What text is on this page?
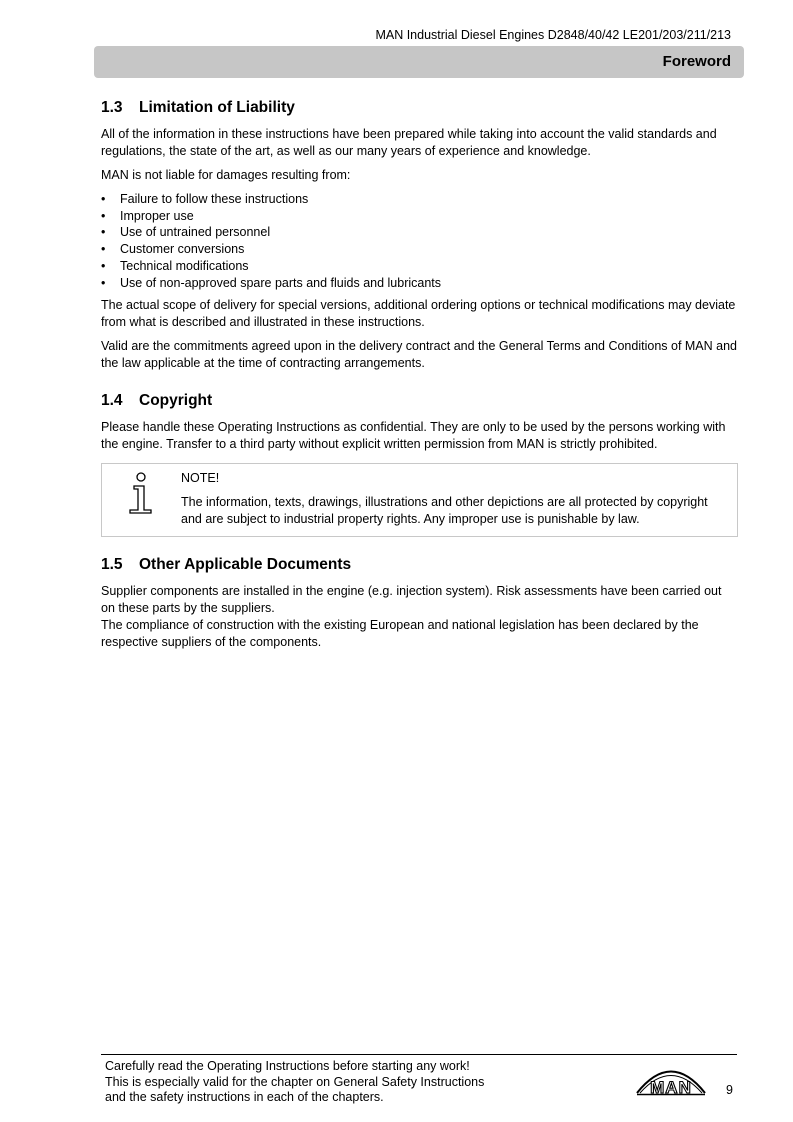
MAN Industrial Diesel Engines D2848/40/42 LE201/203/211/213
Foreword
1.3 Limitation of Liability

All of the information in these instructions have been prepared while taking into account the valid standards and regulations, the state of the art, as well as our many years of experience and knowledge.

MAN is not liable for damages resulting from:

• Failure to follow these instructions
• Improper use
• Use of untrained personnel
• Customer conversions
• Technical modifications
• Use of non-approved spare parts and fluids and lubricants

The actual scope of delivery for special versions, additional ordering options or technical modifications may deviate from what is described and illustrated in these instructions.

Valid are the commitments agreed upon in the delivery contract and the General Terms and Conditions of MAN and the law applicable at the time of contracting arrangements.

1.4 Copyright

Please handle these Operating Instructions as confidential. They are only to be used by the persons working with the engine. Transfer to a third party without explicit written permission from MAN is strictly prohibited.

NOTE!
The information, texts, drawings, illustrations and other depictions are all protected by copyright and are subject to industrial property rights. Any improper use is punishable by law.
1.5 Other Applicable Documents

Supplier components are installed in the engine (e.g. injection system). Risk assessments have been carried out on these parts by the suppliers.

The compliance of construction with the existing European and national legislation has been declared by the respective suppliers of the components.

Carefully read the Operating Instructions before starting any work!
This is especially valid for the chapter on General Safety Instructions
and the safety instructions in each of the chapters.	MAN	9
